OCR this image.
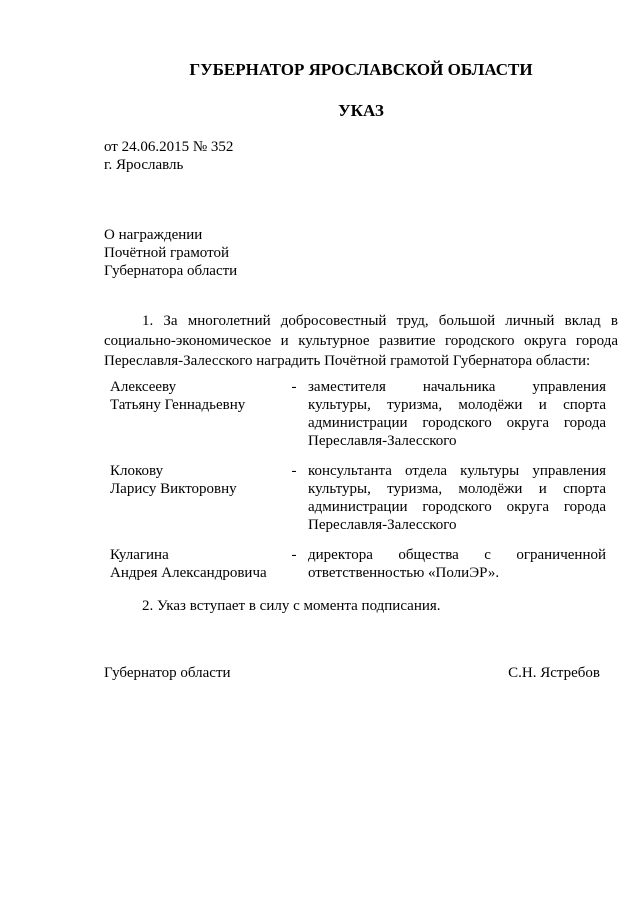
ГУБЕРНАТОР ЯРОСЛАВСКОЙ ОБЛАСТИ
УКАЗ
от 24.06.2015 № 352
г. Ярославль
О награждении
Почётной грамотой
Губернатора области

1. За многолетний добросовестный труд, большой личный вклад в социально-экономическое и культурное развитие городского округа города Переславля-Залесского наградить Почётной грамотой Губернатора области:

Алексееву
Татьяну Геннадьевну
- заместителя начальника управления культуры, туризма, молодёжи и спорта администрации городского округа города Переславля-Залесского
Клокову
Ларису Викторовну
- консультанта отдела культуры управления культуры, туризма, молодёжи и спорта администрации городского округа города Переславля-Залесского
Кулагина
Андрея Александровича
- директора общества с ограниченной ответственностью «ПолиЭР».

2. Указ вступает в силу с момента подписания.

Губернатор области	С.Н. Ястребов
